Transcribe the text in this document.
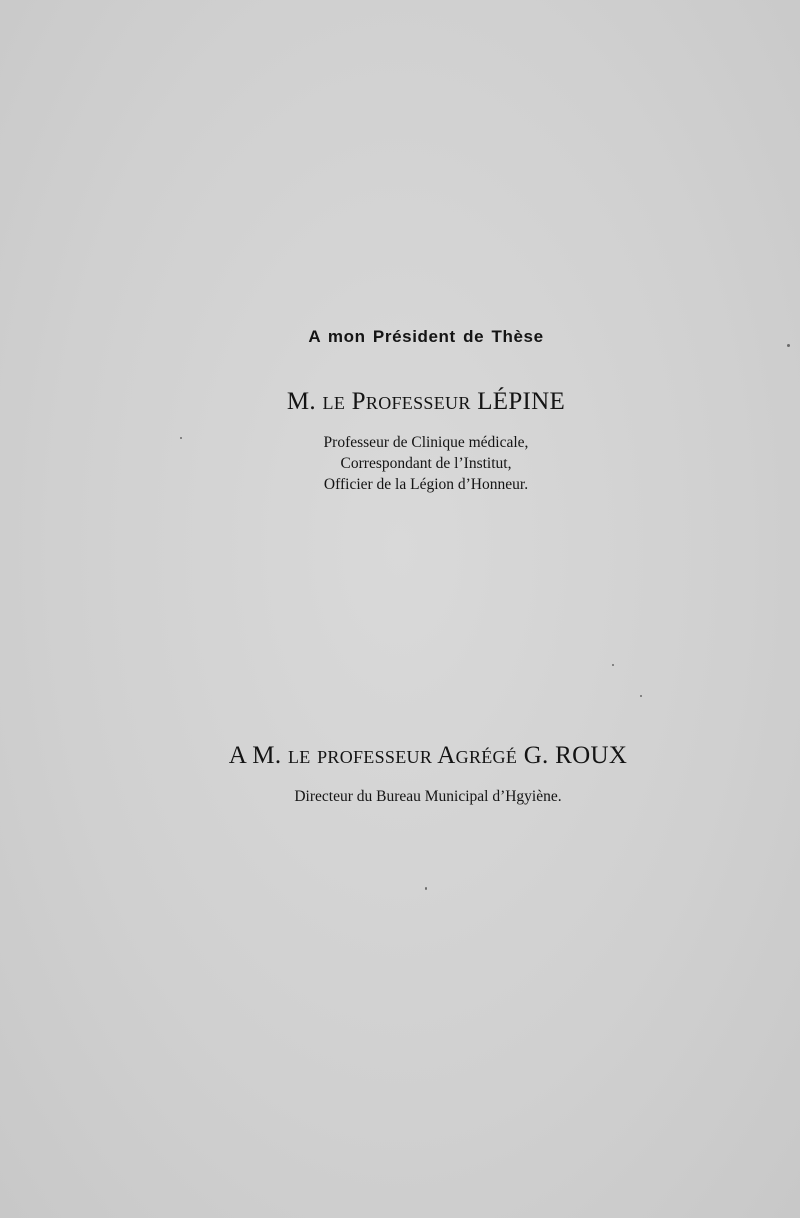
A mon Président de Thèse
M. le Professeur LÉPINE
Professeur de Clinique médicale,
Correspondant de l’Institut,
Officier de la Légion d’Honneur.
A M. le professeur Agrégé G. ROUX
Directeur du Bureau Municipal d’Hgyiène.
